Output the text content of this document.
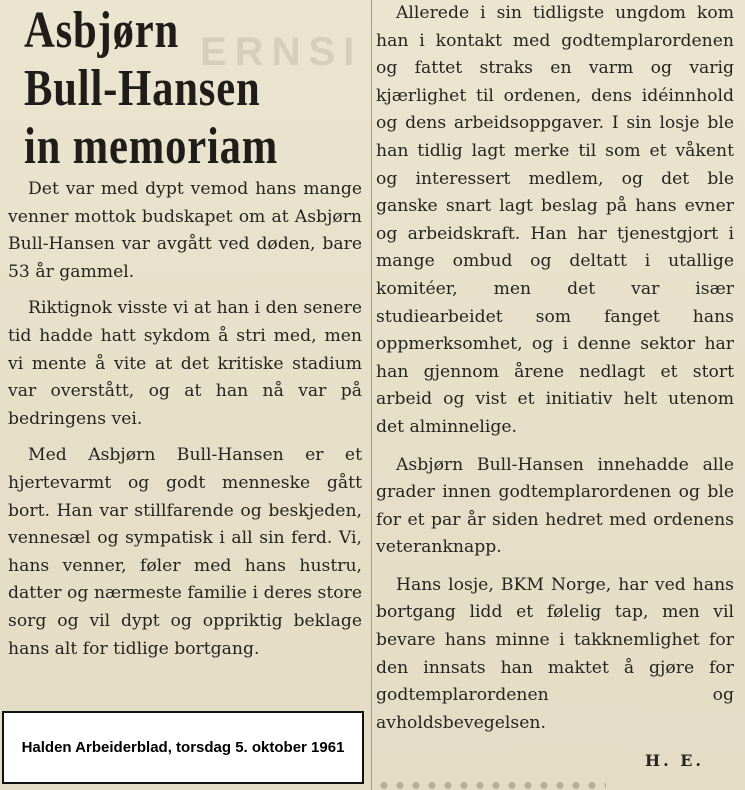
ERNSI
Asbjørn
Bull-Hansen
in memoriam

Det var med dypt vemod hans mange venner mottok budskapet om at Asbjørn Bull-Hansen var avgått ved døden, bare 53 år gammel.

Riktignok visste vi at han i den senere tid hadde hatt sykdom å stri med, men vi mente å vite at det kritiske stadium var overstått, og at han nå var på bedringens vei.

Med Asbjørn Bull-Hansen er et hjertevarmt og godt menneske gått bort. Han var stillfarende og beskjeden, vennesæl og sympatisk i all sin ferd. Vi, hans venner, føler med hans hustru, datter og nærmeste familie i deres store sorg og vil dypt og oppriktig beklage hans alt for tidlige bortgang.

Allerede i sin tidligste ungdom kom han i kontakt med godtemplarordenen og fattet straks en varm og varig kjærlighet til ordenen, dens idéinnhold og dens arbeidsoppgaver. I sin losje ble han tidlig lagt merke til som et våkent og interessert medlem, og det ble ganske snart lagt beslag på hans evner og arbeidskraft. Han har tjenestgjort i mange ombud og deltatt i utallige komitéer, men det var især studiearbeidet som fanget hans oppmerksomhet, og i denne sektor har han gjennom årene nedlagt et stort arbeid og vist et initiativ helt utenom det alminnelige.

Asbjørn Bull-Hansen innehadde alle grader innen godtemplarordenen og ble for et par år siden hedret med ordenens veteranknapp.

Hans losje, BKM Norge, har ved hans bortgang lidd et følelig tap, men vil bevare hans minne i takknemlighet for den innsats han maktet å gjøre for godtemplarordenen og avholdsbevegelsen.

H. E.
Halden Arbeiderblad, torsdag 5. oktober 1961
